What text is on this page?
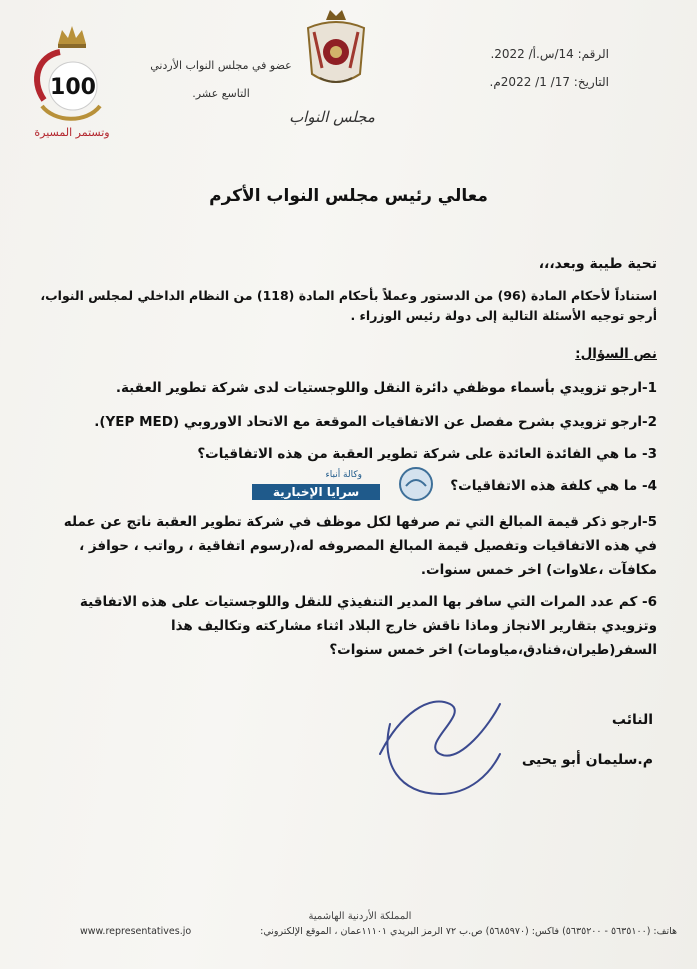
100
وتستمر المسيرة
عضو في مجلس النواب الأردني
التاسع عشر.
مجلس النواب
الرقم: 14/س.أ/ 2022.
التاريخ: 17/ 1/ 2022م.
معالي رئيس مجلس النواب الأكرم
تحية طيبة وبعد،،،
استناداً لأحكام المادة (96) من الدستور وعملاً بأحكام المادة (118) من النظام الداخلي لمجلس النواب، أرجو توجيه الأسئلة التالية إلى دولة رئيس الوزراء .
نص السؤال:
1-ارجو تزويدي بأسماء موظفي دائرة النقل واللوجستيات لدى شركة تطوير العقبة.
2-ارجو تزويدي بشرح مفصل عن الاتفاقيات الموقعة مع الاتحاد الاوروبي (YEP MED).
3- ما هي الفائدة العائدة على شركة تطوير العقبة من هذه الاتفاقيات؟
4- ما هي كلفة هذه الاتفاقيات؟
5-ارجو ذكر قيمة المبالغ التي تم صرفها لكل موظف في شركة تطوير العقبة ناتج عن عمله في هذه الاتفاقيات وتفصيل قيمة المبالغ المصروفه له،(رسوم اتفاقية ، رواتب ، حوافز ، مكافآت ،علاوات) اخر خمس سنوات.
6- كم عدد المرات التي سافر بها المدير التنفيذي للنقل واللوجستيات على هذه الاتفاقية وتزويدي بتقارير الانجاز وماذا ناقش خارج البلاد اثناء مشاركته وتكاليف هذا السفر(طيران،فنادق،مياومات) اخر خمس سنوات؟
وكالة أنباء
سرايا الإخبارية
النائب
م.سليمان أبو يحيى
المملكة الأردنية الهاشمية
هاتف: (٥٦٣٥١٠٠ - ٥٦٣٥٢٠٠) فاكس: (٥٦٨٥٩٧٠) ص.ب ٧٢ الرمز البريدي ١١١٠١عمان ، الموقع الإلكتروني:
www.representatives.jo
